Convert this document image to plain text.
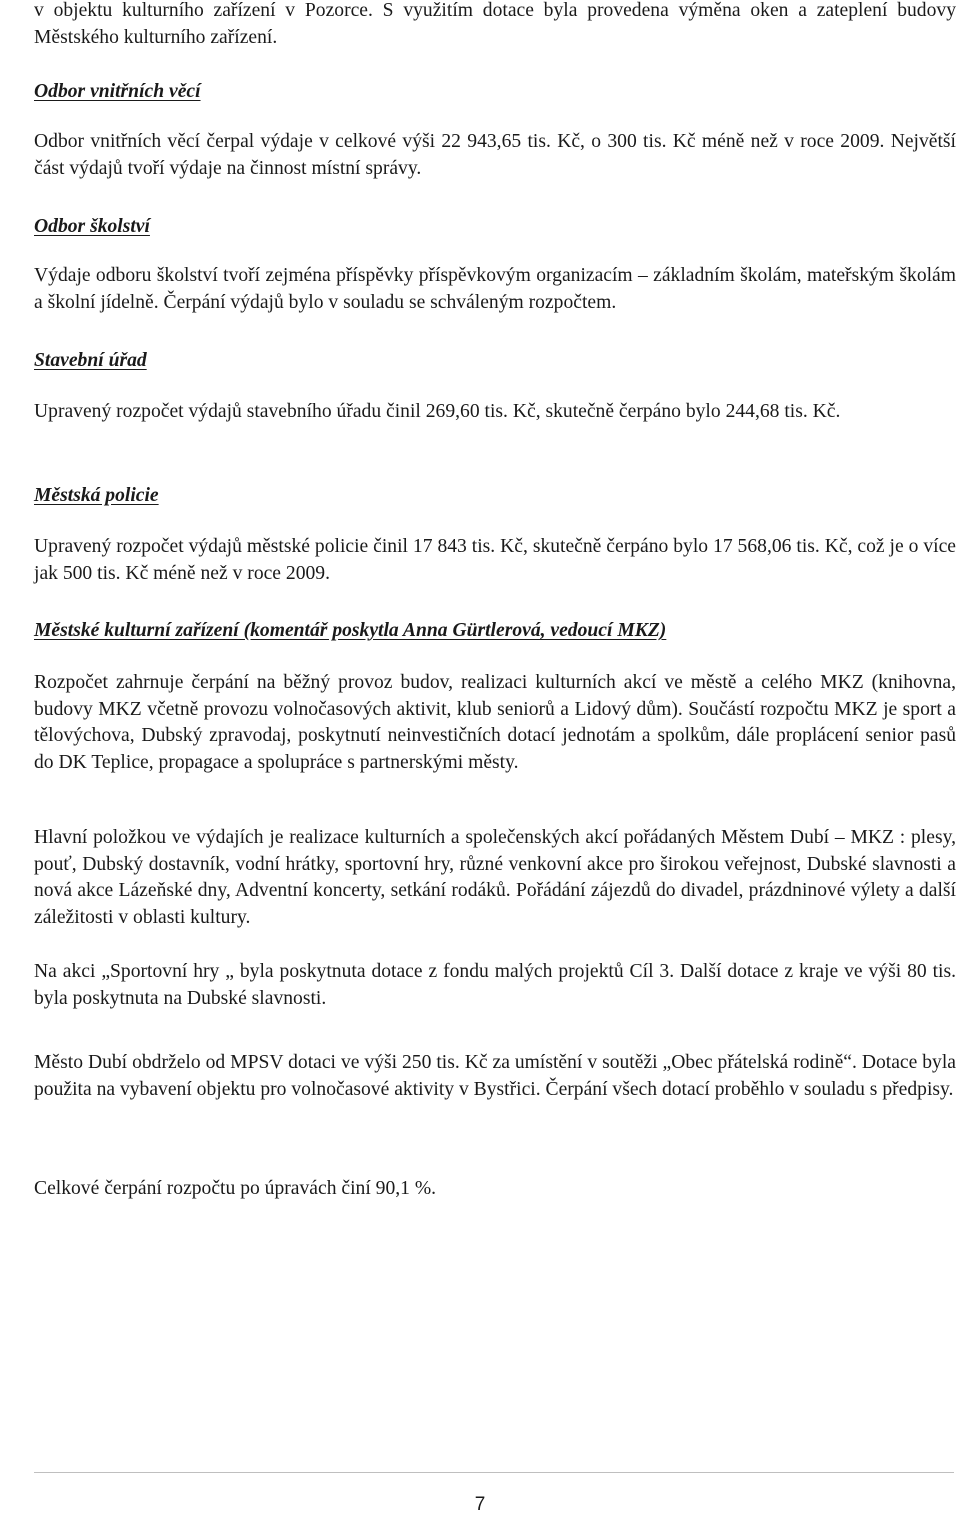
v objektu kulturního zařízení v Pozorce. S využitím dotace byla provedena výměna oken a zateplení budovy Městského kulturního zařízení.

Odbor vnitřních věcí

Odbor vnitřních věcí čerpal výdaje v celkové výši 22 943,65 tis. Kč, o 300 tis. Kč méně než v roce 2009. Největší část výdajů tvoří výdaje na činnost místní správy.

Odbor školství

Výdaje odboru školství tvoří zejména příspěvky příspěvkovým organizacím – základním školám, mateřským školám a školní jídelně. Čerpání výdajů bylo v souladu se schváleným rozpočtem.

Stavební úřad

Upravený rozpočet výdajů stavebního úřadu činil 269,60 tis. Kč, skutečně čerpáno bylo 244,68 tis. Kč.

Městská policie

Upravený rozpočet výdajů městské policie činil 17 843 tis. Kč, skutečně čerpáno bylo 17 568,06 tis. Kč, což je o více jak 500 tis. Kč méně než v roce 2009.

Městské kulturní zařízení (komentář poskytla Anna Gürtlerová, vedoucí MKZ)

Rozpočet zahrnuje čerpání na běžný provoz budov, realizaci kulturních akcí ve městě a celého MKZ (knihovna, budovy MKZ včetně provozu volnočasových aktivit, klub seniorů a Lidový dům). Součástí rozpočtu MKZ je sport a tělovýchova, Dubský zpravodaj, poskytnutí neinvestičních dotací jednotám a spolkům, dále proplácení senior pasů do DK Teplice, propagace a spolupráce s partnerskými městy.

Hlavní položkou ve výdajích je realizace kulturních a společenských akcí pořádaných Městem Dubí – MKZ : plesy, pouť, Dubský dostavník, vodní hrátky, sportovní hry, různé venkovní akce pro širokou veřejnost, Dubské slavnosti a nová akce Lázeňské dny, Adventní koncerty, setkání rodáků. Pořádání zájezdů do divadel, prázdninové výlety a další záležitosti v oblasti kultury.

Na akci „Sportovní hry „ byla poskytnuta dotace z fondu malých projektů Cíl 3. Další dotace z kraje ve výši 80 tis. byla poskytnuta na Dubské slavnosti.

Město Dubí obdrželo od MPSV dotaci ve výši 250 tis. Kč za umístění v soutěži „Obec přátelská rodině“. Dotace byla použita na vybavení objektu pro volnočasové aktivity v Bystřici. Čerpání všech dotací proběhlo v souladu s předpisy.

Celkové čerpání rozpočtu po úpravách činí 90,1 %.

7
